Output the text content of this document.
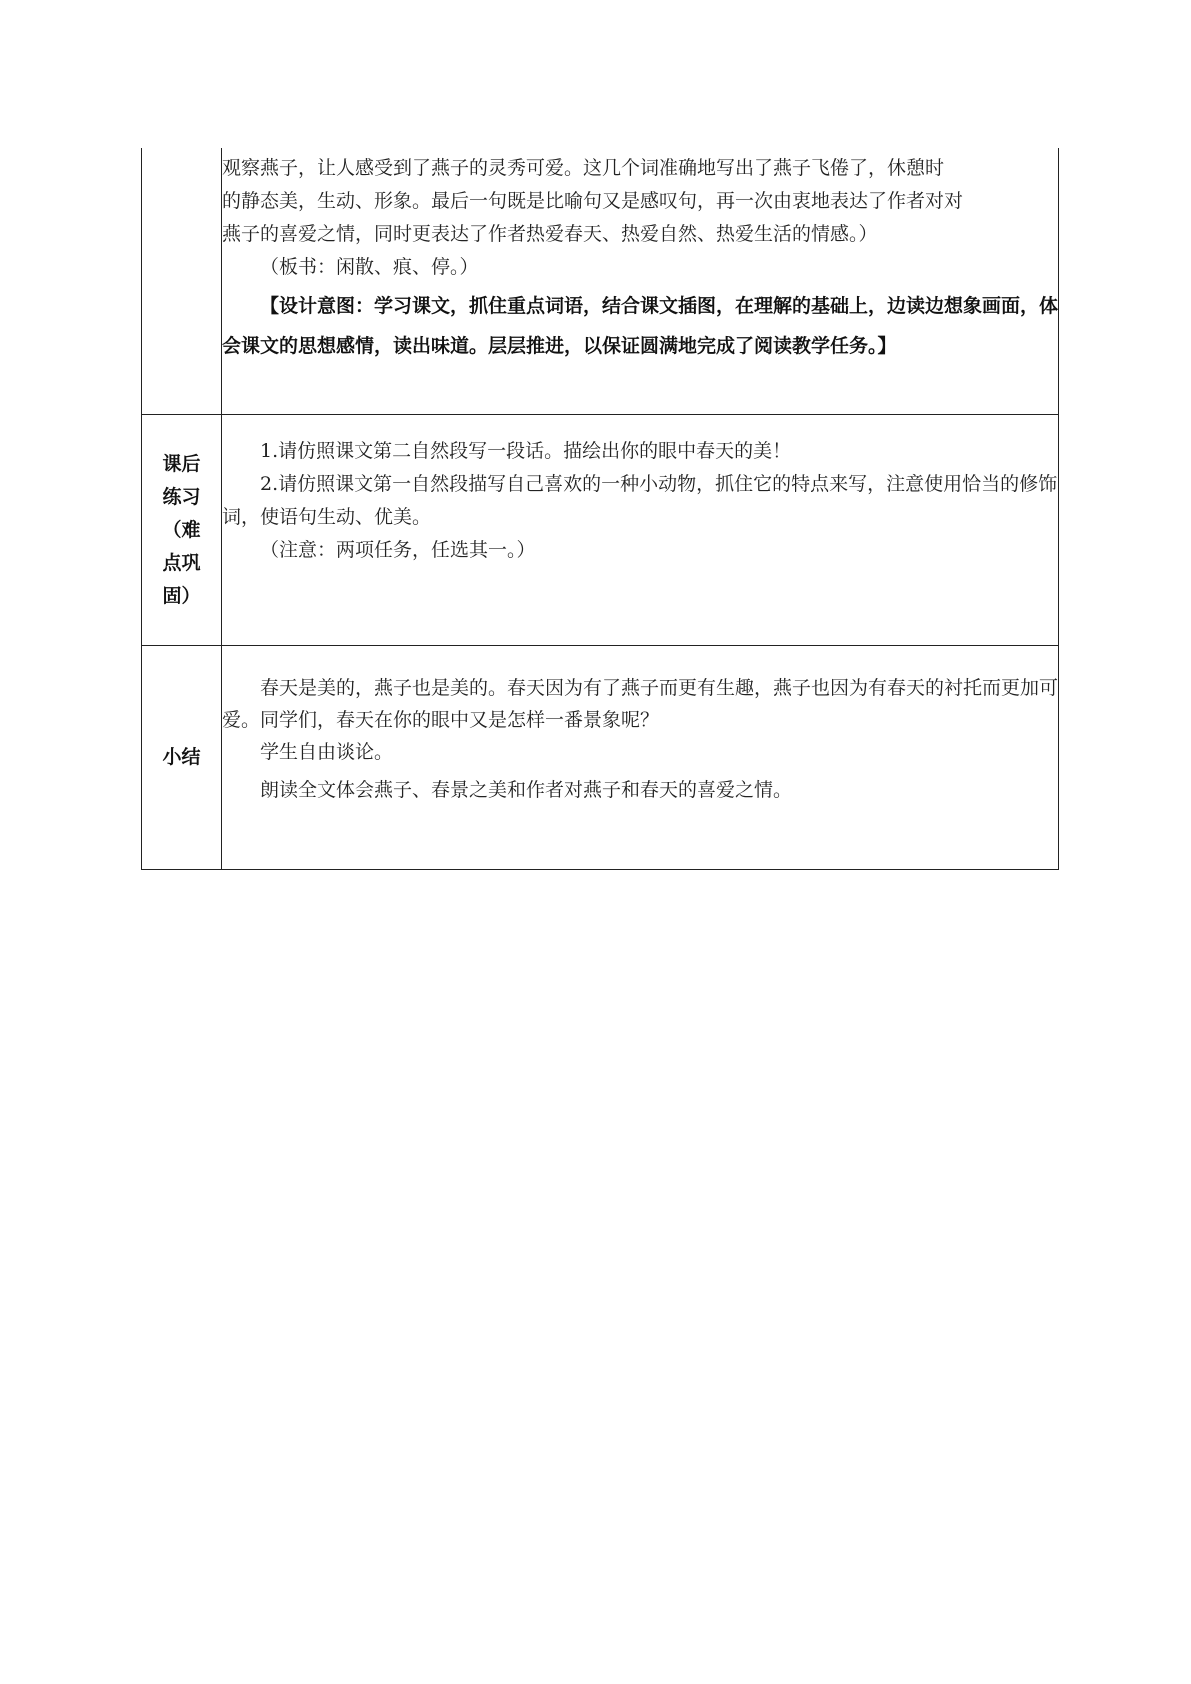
	观察燕子，让人感受到了燕子的灵秀可爱。这几个词准确地写出了燕子飞倦了，休憩时

的静态美，生动、形象。最后一句既是比喻句又是感叹句，再一次由衷地表达了作者对对

燕子的喜爱之情，同时更表达了作者热爱春天、热爱自然、热爱生活的情感。）

（板书：闲散、痕、停。）

【设计意图：学习课文，抓住重点词语，结合课文插图，在理解的基础上，边读边想象画面，体会课文的思想感情，读出味道。层层推进，以保证圆满地完成了阅读教学任务。】

课后练习（难点巩固）	1.请仿照课文第二自然段写一段话。描绘出你的眼中春天的美！

2.请仿照课文第一自然段描写自己喜欢的一种小动物，抓住它的特点来写，注意使用恰当的修饰词，使语句生动、优美。

（注意：两项任务，任选其一。）

小结	春天是美的，燕子也是美的。春天因为有了燕子而更有生趣，燕子也因为有春天的衬托而更加可爱。同学们，春天在你的眼中又是怎样一番景象呢？

学生自由谈论。

朗读全文体会燕子、春景之美和作者对燕子和春天的喜爱之情。
